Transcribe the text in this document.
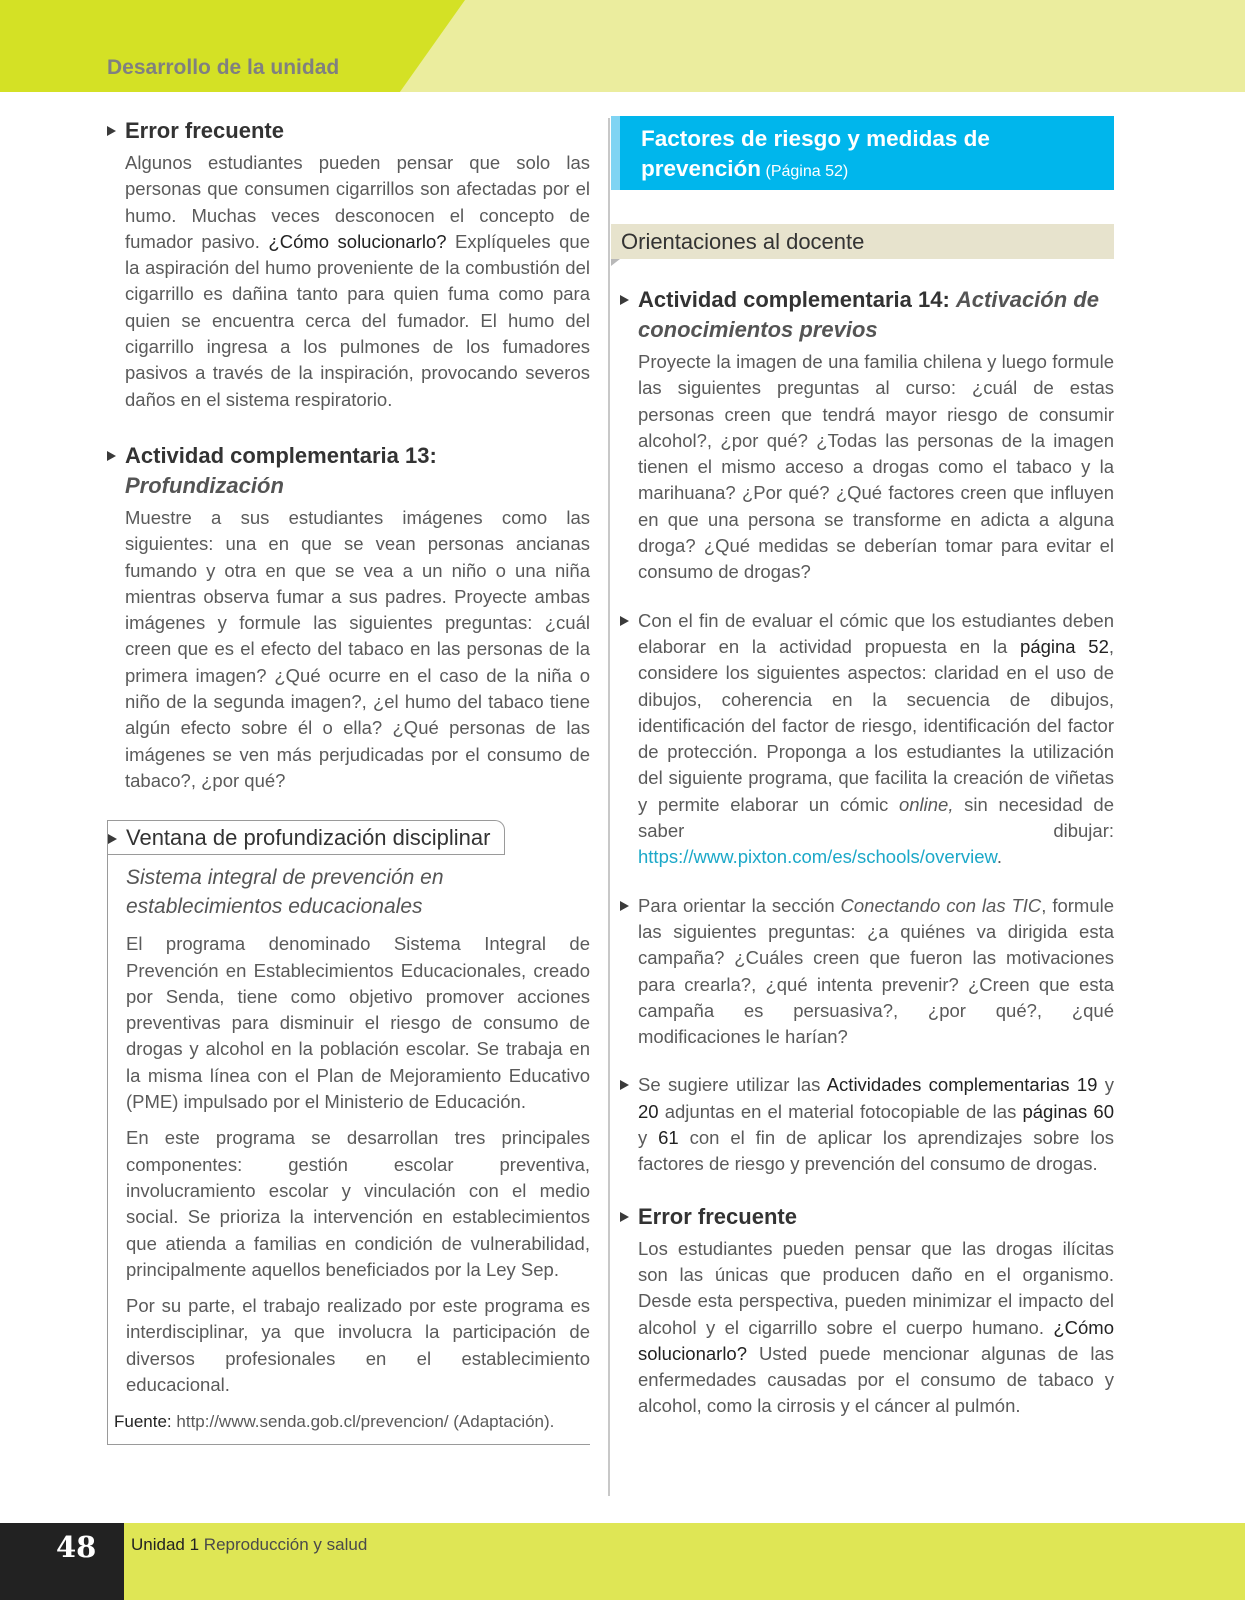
Desarrollo de la unidad
Error frecuente

Algunos estudiantes pueden pensar que solo las personas que consumen cigarrillos son afectadas por el humo. Muchas veces desconocen el concepto de fumador pasivo. ¿Cómo solucionarlo? Explíqueles que la aspiración del humo proveniente de la combustión del cigarrillo es dañina tanto para quien fuma como para quien se encuentra cerca del fumador. El humo del cigarrillo ingresa a los pulmones de los fumadores pasivos a través de la inspiración, provocando severos daños en el sistema respiratorio.

Actividad complementaria 13: Profundización

Muestre a sus estudiantes imágenes como las siguientes: una en que se vean personas ancianas fumando y otra en que se vea a un niño o una niña mientras observa fumar a sus padres. Proyecte ambas imágenes y formule las siguientes preguntas: ¿cuál creen que es el efecto del tabaco en las personas de la primera imagen? ¿Qué ocurre en el caso de la niña o niño de la segunda imagen?, ¿el humo del tabaco tiene algún efecto sobre él o ella? ¿Qué personas de las imágenes se ven más perjudicadas por el consumo de tabaco?, ¿por qué?

Ventana de profundización disciplinar
Sistema integral de prevención en establecimientos educacionales

El programa denominado Sistema Integral de Prevención en Establecimientos Educacionales, creado por Senda, tiene como objetivo promover acciones preventivas para disminuir el riesgo de consumo de drogas y alcohol en la población escolar. Se trabaja en la misma línea con el Plan de Mejoramiento Educativo (PME) impulsado por el Ministerio de Educación.

En este programa se desarrollan tres principales componentes: gestión escolar preventiva, involucramiento escolar y vinculación con el medio social. Se prioriza la intervención en establecimientos que atienda a familias en condición de vulnerabilidad, principalmente aquellos beneficiados por la Ley Sep.

Por su parte, el trabajo realizado por este programa es interdisciplinar, ya que involucra la participación de diversos profesionales en el establecimiento educacional.

Fuente: http://www.senda.gob.cl/prevencion/ (Adaptación).
Factores de riesgo y medidas de prevención (Página 52)
Orientaciones al docente
Actividad complementaria 14: Activación de conocimientos previos

Proyecte la imagen de una familia chilena y luego formule las siguientes preguntas al curso: ¿cuál de estas personas creen que tendrá mayor riesgo de consumir alcohol?, ¿por qué? ¿Todas las personas de la imagen tienen el mismo acceso a drogas como el tabaco y la marihuana? ¿Por qué? ¿Qué factores creen que influyen en que una persona se transforme en adicta a alguna droga? ¿Qué medidas se deberían tomar para evitar el consumo de drogas?

Con el fin de evaluar el cómic que los estudiantes deben elaborar en la actividad propuesta en la página 52, considere los siguientes aspectos: claridad en el uso de dibujos, coherencia en la secuencia de dibujos, identificación del factor de riesgo, identificación del factor de protección. Proponga a los estudiantes la utilización del siguiente programa, que facilita la creación de viñetas y permite elaborar un cómic online, sin necesidad de saber dibujar: https://www.pixton.com/es/schools/overview.

Para orientar la sección Conectando con las TIC, formule las siguientes preguntas: ¿a quiénes va dirigida esta campaña? ¿Cuáles creen que fueron las motivaciones para crearla?, ¿qué intenta prevenir? ¿Creen que esta campaña es persuasiva?, ¿por qué?, ¿qué modificaciones le harían?

Se sugiere utilizar las Actividades complementarias 19 y 20 adjuntas en el material fotocopiable de las páginas 60 y 61 con el fin de aplicar los aprendizajes sobre los factores de riesgo y prevención del consumo de drogas.

Error frecuente

Los estudiantes pueden pensar que las drogas ilícitas son las únicas que producen daño en el organismo. Desde esta perspectiva, pueden minimizar el impacto del alcohol y el cigarrillo sobre el cuerpo humano. ¿Cómo solucionarlo? Usted puede mencionar algunas de las enfermedades causadas por el consumo de tabaco y alcohol, como la cirrosis y el cáncer al pulmón.

48 Unidad 1 Reproducción y salud
